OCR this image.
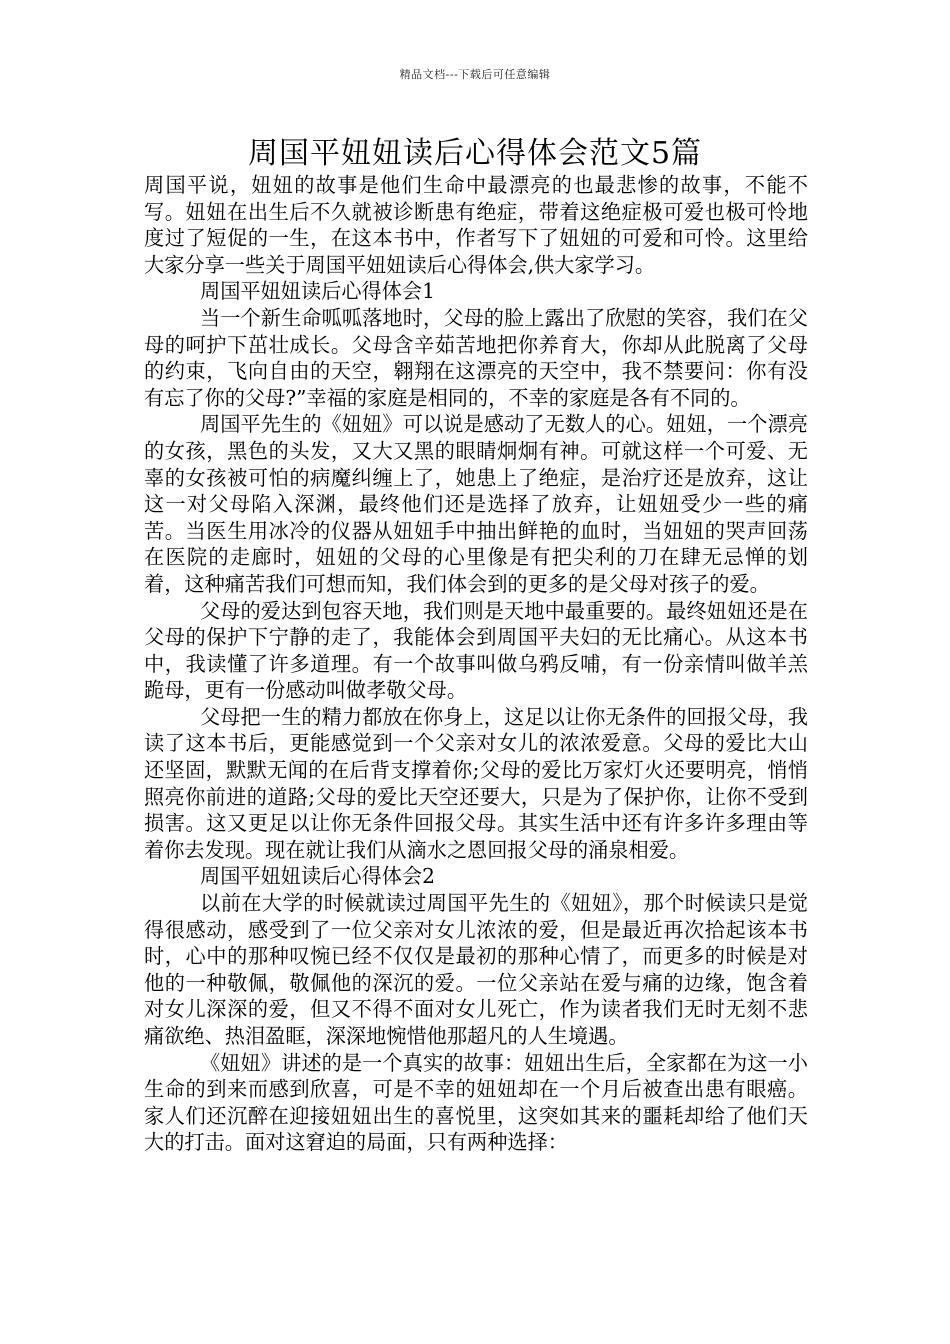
精品文档---下载后可任意编辑
周国平妞妞读后心得体会范文5篇

周国平说，妞妞的故事是他们生命中最漂亮的也最悲惨的故事，不能不写。妞妞在出生后不久就被诊断患有绝症，带着这绝症极可爱也极可怜地度过了短促的一生，在这本书中，作者写下了妞妞的可爱和可怜。这里给大家分享一些关于周国平妞妞读后心得体会,供大家学习。

周国平妞妞读后心得体会1

当一个新生命呱呱落地时，父母的脸上露出了欣慰的笑容，我们在父母的呵护下茁壮成长。父母含辛茹苦地把你养育大，你却从此脱离了父母的约束，飞向自由的天空，翱翔在这漂亮的天空中，我不禁要问：你有没有忘了你的父母?”幸福的家庭是相同的，不幸的家庭是各有不同的。

周国平先生的《妞妞》可以说是感动了无数人的心。妞妞，一个漂亮的女孩，黑色的头发，又大又黑的眼睛炯炯有神。可就这样一个可爱、无辜的女孩被可怕的病魔纠缠上了，她患上了绝症，是治疗还是放弃，这让这一对父母陷入深渊，最终他们还是选择了放弃，让妞妞受少一些的痛苦。当医生用冰冷的仪器从妞妞手中抽出鲜艳的血时，当妞妞的哭声回荡在医院的走廊时，妞妞的父母的心里像是有把尖利的刀在肆无忌惮的划着，这种痛苦我们可想而知，我们体会到的更多的是父母对孩子的爱。

父母的爱达到包容天地，我们则是天地中最重要的。最终妞妞还是在父母的保护下宁静的走了，我能体会到周国平夫妇的无比痛心。从这本书中，我读懂了许多道理。有一个故事叫做乌鸦反哺，有一份亲情叫做羊羔跪母，更有一份感动叫做孝敬父母。

父母把一生的精力都放在你身上，这足以让你无条件的回报父母，我读了这本书后，更能感觉到一个父亲对女儿的浓浓爱意。父母的爱比大山还坚固，默默无闻的在后背支撑着你;父母的爱比万家灯火还要明亮，悄悄照亮你前进的道路;父母的爱比天空还要大，只是为了保护你，让你不受到损害。这又更足以让你无条件回报父母。其实生活中还有许多许多理由等着你去发现。现在就让我们从滴水之恩回报父母的涌泉相爱。

周国平妞妞读后心得体会2

以前在大学的时候就读过周国平先生的《妞妞》，那个时候读只是觉得很感动，感受到了一位父亲对女儿浓浓的爱，但是最近再次拾起该本书时，心中的那种叹惋已经不仅仅是最初的那种心情了，而更多的时候是对他的一种敬佩，敬佩他的深沉的爱。一位父亲站在爱与痛的边缘，饱含着对女儿深深的爱，但又不得不面对女儿死亡，作为读者我们无时无刻不悲痛欲绝、热泪盈眶，深深地惋惜他那超凡的人生境遇。

《妞妞》讲述的是一个真实的故事：妞妞出生后，全家都在为这一小生命的到来而感到欣喜，可是不幸的妞妞却在一个月后被查出患有眼癌。家人们还沉醉在迎接妞妞出生的喜悦里，这突如其来的噩耗却给了他们天大的打击。面对这窘迫的局面，只有两种选择：
